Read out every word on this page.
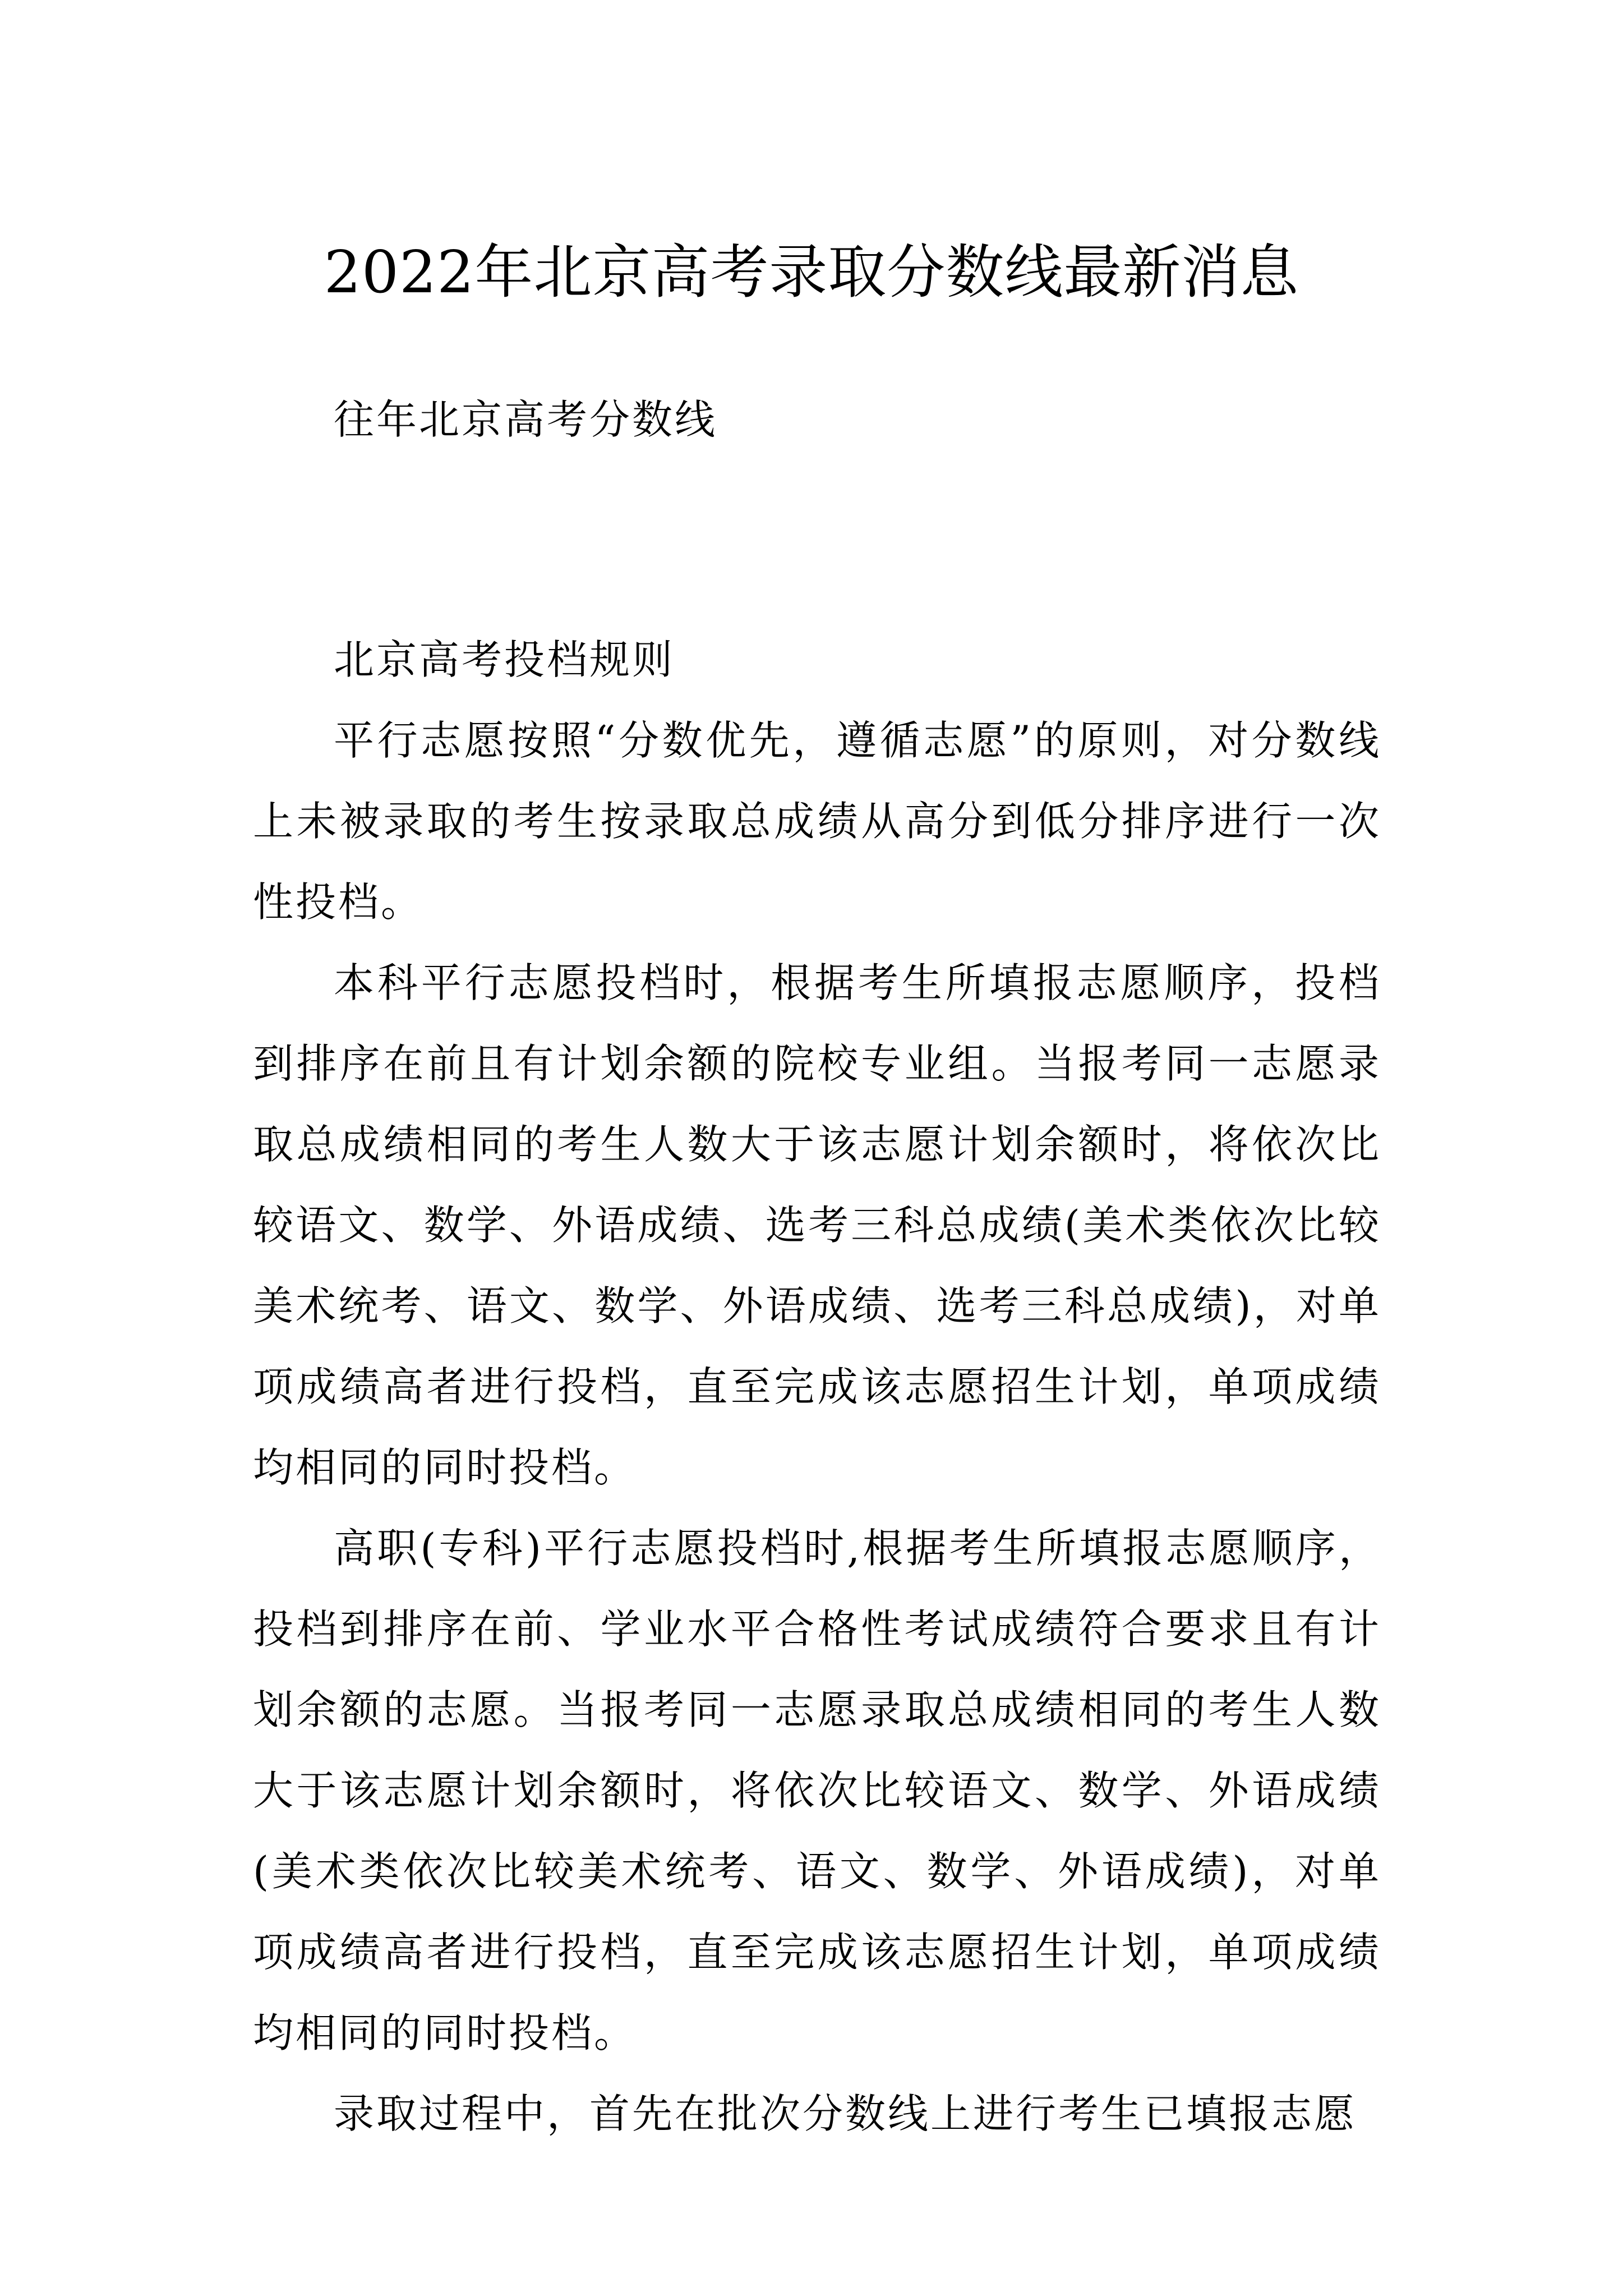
2022年北京高考录取分数线最新消息
往年北京高考分数线
北京高考投档规则

平行志愿按照“分数优先，遵循志愿”的原则，对分数线上未被录取的考生按录取总成绩从高分到低分排序进行一次性投档。

本科平行志愿投档时，根据考生所填报志愿顺序，投档到排序在前且有计划余额的院校专业组。当报考同一志愿录取总成绩相同的考生人数大于该志愿计划余额时，将依次比较语文、数学、外语成绩、选考三科总成绩(美术类依次比较美术统考、语文、数学、外语成绩、选考三科总成绩)，对单项成绩高者进行投档，直至完成该志愿招生计划，单项成绩均相同的同时投档。

高职(专科)平行志愿投档时,根据考生所填报志愿顺序，投档到排序在前、学业水平合格性考试成绩符合要求且有计划余额的志愿。当报考同一志愿录取总成绩相同的考生人数大于该志愿计划余额时，将依次比较语文、数学、外语成绩(美术类依次比较美术统考、语文、数学、外语成绩)，对单项成绩高者进行投档，直至完成该志愿招生计划，单项成绩均相同的同时投档。

录取过程中，首先在批次分数线上进行考生已填报志愿
